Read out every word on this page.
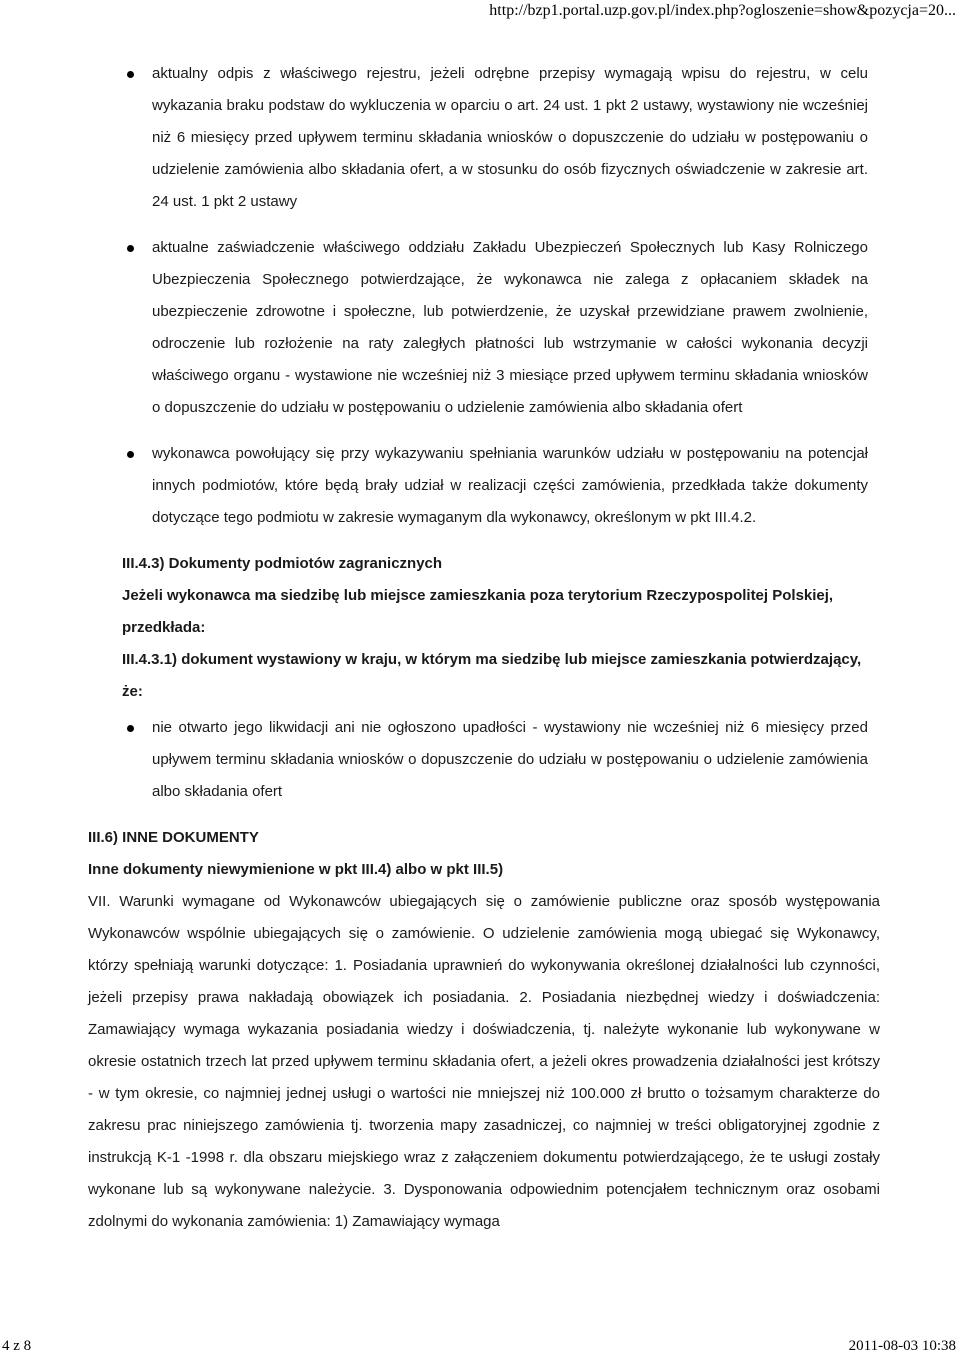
http://bzp1.portal.uzp.gov.pl/index.php?ogloszenie=show&pozycja=20...
aktualny odpis z właściwego rejestru, jeżeli odrębne przepisy wymagają wpisu do rejestru, w celu wykazania braku podstaw do wykluczenia w oparciu o art. 24 ust. 1 pkt 2 ustawy, wystawiony nie wcześniej niż 6 miesięcy przed upływem terminu składania wniosków o dopuszczenie do udziału w postępowaniu o udzielenie zamówienia albo składania ofert, a w stosunku do osób fizycznych oświadczenie w zakresie art. 24 ust. 1 pkt 2 ustawy
aktualne zaświadczenie właściwego oddziału Zakładu Ubezpieczeń Społecznych lub Kasy Rolniczego Ubezpieczenia Społecznego potwierdzające, że wykonawca nie zalega z opłacaniem składek na ubezpieczenie zdrowotne i społeczne, lub potwierdzenie, że uzyskał przewidziane prawem zwolnienie, odroczenie lub rozłożenie na raty zaległych płatności lub wstrzymanie w całości wykonania decyzji właściwego organu - wystawione nie wcześniej niż 3 miesiące przed upływem terminu składania wniosków o dopuszczenie do udziału w postępowaniu o udzielenie zamówienia albo składania ofert
wykonawca powołujący się przy wykazywaniu spełniania warunków udziału w postępowaniu na potencjał innych podmiotów, które będą brały udział w realizacji części zamówienia, przedkłada także dokumenty dotyczące tego podmiotu w zakresie wymaganym dla wykonawcy, określonym w pkt III.4.2.
III.4.3) Dokumenty podmiotów zagranicznych
Jeżeli wykonawca ma siedzibę lub miejsce zamieszkania poza terytorium Rzeczypospolitej Polskiej, przedkłada:
III.4.3.1) dokument wystawiony w kraju, w którym ma siedzibę lub miejsce zamieszkania potwierdzający, że:
nie otwarto jego likwidacji ani nie ogłoszono upadłości - wystawiony nie wcześniej niż 6 miesięcy przed upływem terminu składania wniosków o dopuszczenie do udziału w postępowaniu o udzielenie zamówienia albo składania ofert
III.6) INNE DOKUMENTY
Inne dokumenty niewymienione w pkt III.4) albo w pkt III.5)

VII. Warunki wymagane od Wykonawców ubiegających się o zamówienie publiczne oraz sposób występowania Wykonawców wspólnie ubiegających się o zamówienie. O udzielenie zamówienia mogą ubiegać się Wykonawcy, którzy spełniają warunki dotyczące: 1. Posiadania uprawnień do wykonywania określonej działalności lub czynności, jeżeli przepisy prawa nakładają obowiązek ich posiadania. 2. Posiadania niezbędnej wiedzy i doświadczenia: Zamawiający wymaga wykazania posiadania wiedzy i doświadczenia, tj. należyte wykonanie lub wykonywane w okresie ostatnich trzech lat przed upływem terminu składania ofert, a jeżeli okres prowadzenia działalności jest krótszy - w tym okresie, co najmniej jednej usługi o wartości nie mniejszej niż 100.000 zł brutto o tożsamym charakterze do zakresu prac niniejszego zamówienia tj. tworzenia mapy zasadniczej, co najmniej w treści obligatoryjnej zgodnie z instrukcją K-1 -1998 r. dla obszaru miejskiego wraz z załączeniem dokumentu potwierdzającego, że te usługi zostały wykonane lub są wykonywane należycie. 3. Dysponowania odpowiednim potencjałem technicznym oraz osobami zdolnymi do wykonania zamówienia: 1) Zamawiający wymaga

4 z 8	2011-08-03 10:38
